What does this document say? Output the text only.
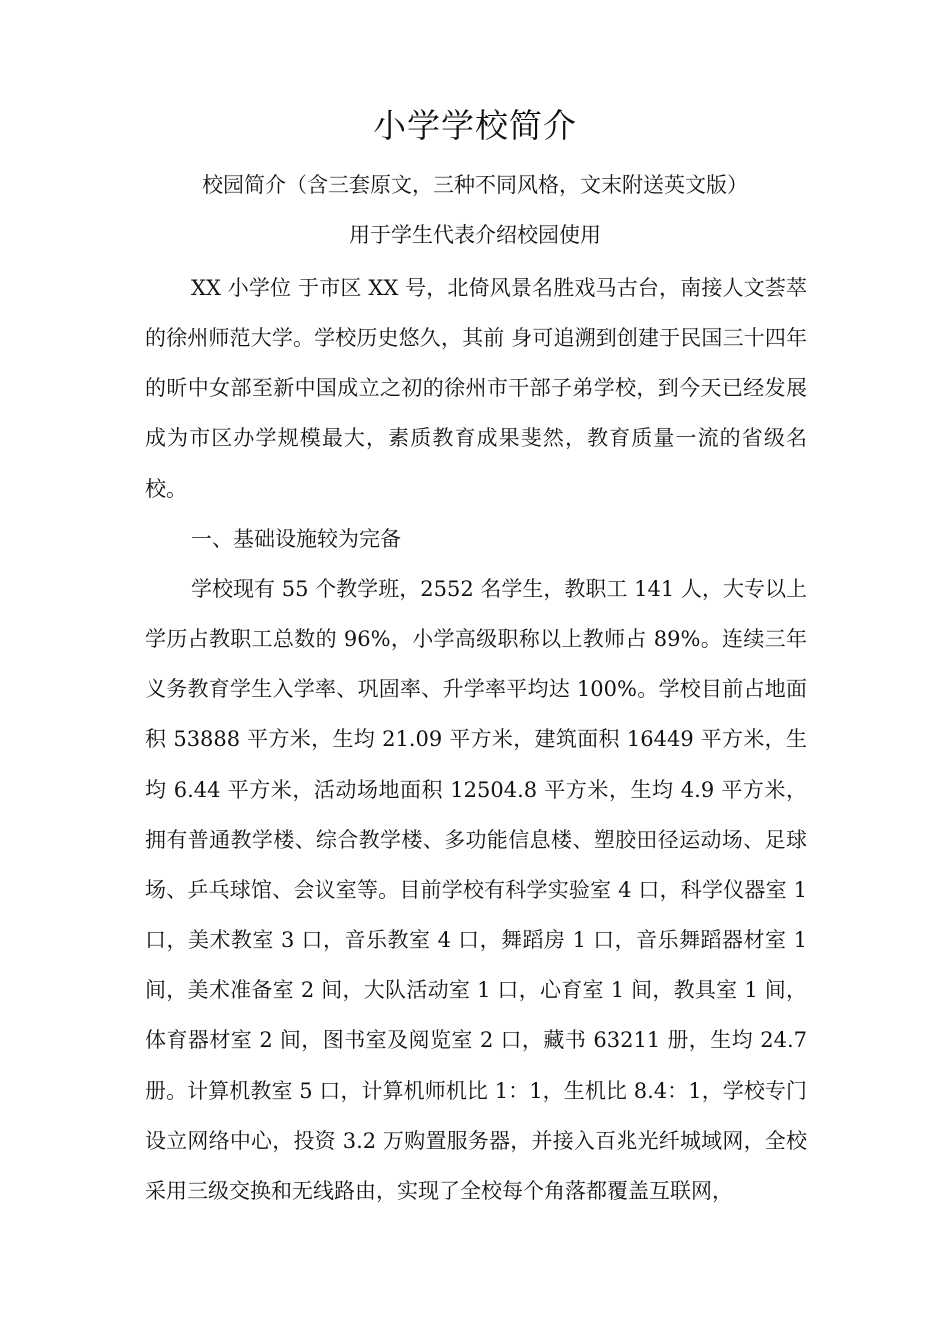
小学学校简介

校园简介（含三套原文，三种不同风格，文末附送英文版）

用于学生代表介绍校园使用

XX 小学位 于市区 XX 号，北倚风景名胜戏马古台，南接人文荟萃的徐州师范大学。学校历史悠久，其前 身可追溯到创建于民国三十四年的昕中女部至新中国成立之初的徐州市干部子弟学校，到今天已经发展成为市区办学规模最大，素质教育成果斐然，教育质量一流的省级名校。

一、基础设施较为完备

学校现有 55 个教学班，2552 名学生，教职工 141 人，大专以上学历占教职工总数的 96%，小学高级职称以上教师占 89%。连续三年义务教育学生入学率、巩固率、升学率平均达 100%。学校目前占地面积 53888 平方米，生均 21.09 平方米，建筑面积 16449 平方米，生均 6.44 平方米，活动场地面积 12504.8 平方米，生均 4.9 平方米，拥有普通教学楼、综合教学楼、多功能信息楼、塑胶田径运动场、足球场、乒乓球馆、会议室等。目前学校有科学实验室 4 口，科学仪器室 1 口，美术教室 3 口，音乐教室 4 口，舞蹈房 1 口，音乐舞蹈器材室 1 间，美术准备室 2 间，大队活动室 1 口，心育室 1 间，教具室 1 间，体育器材室 2 间，图书室及阅览室 2 口，藏书 63211 册，生均 24.7 册。计算机教室 5 口，计算机师机比 1：1，生机比 8.4：1，学校专门设立网络中心，投资 3.2 万购置服务器，并接入百兆光纤城域网，全校采用三级交换和无线路由，实现了全校每个角落都覆盖互联网，
